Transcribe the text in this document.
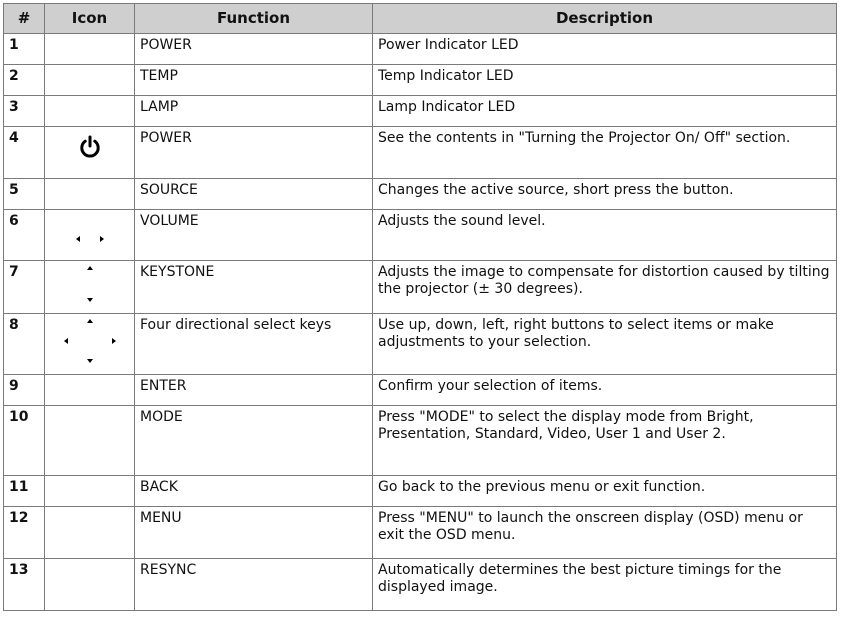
#	Icon	Function	Description
1		POWER	Power Indicator LED
2		TEMP	Temp Indicator LED
3		LAMP	Lamp Indicator LED
4		POWER	See the contents in "Turning the Projector On/ Off" section.
5		SOURCE	Changes the active source, short press the button.
6		VOLUME	Adjusts the sound level.
7		KEYSTONE	Adjusts the image to compensate for distortion caused by tilting the projector (± 30 degrees).
8		Four directional select keys	Use up, down, left, right buttons to select items or make adjustments to your selection.
9		ENTER	Confirm your selection of items.
10		MODE	Press "MODE" to select the display mode from Bright, Presentation, Standard, Video, User 1 and User 2.
11		BACK	Go back to the previous menu or exit function.
12		MENU	Press "MENU" to launch the onscreen display (OSD) menu or exit the OSD menu.
13		RESYNC	Automatically determines the best picture timings for the displayed image.
